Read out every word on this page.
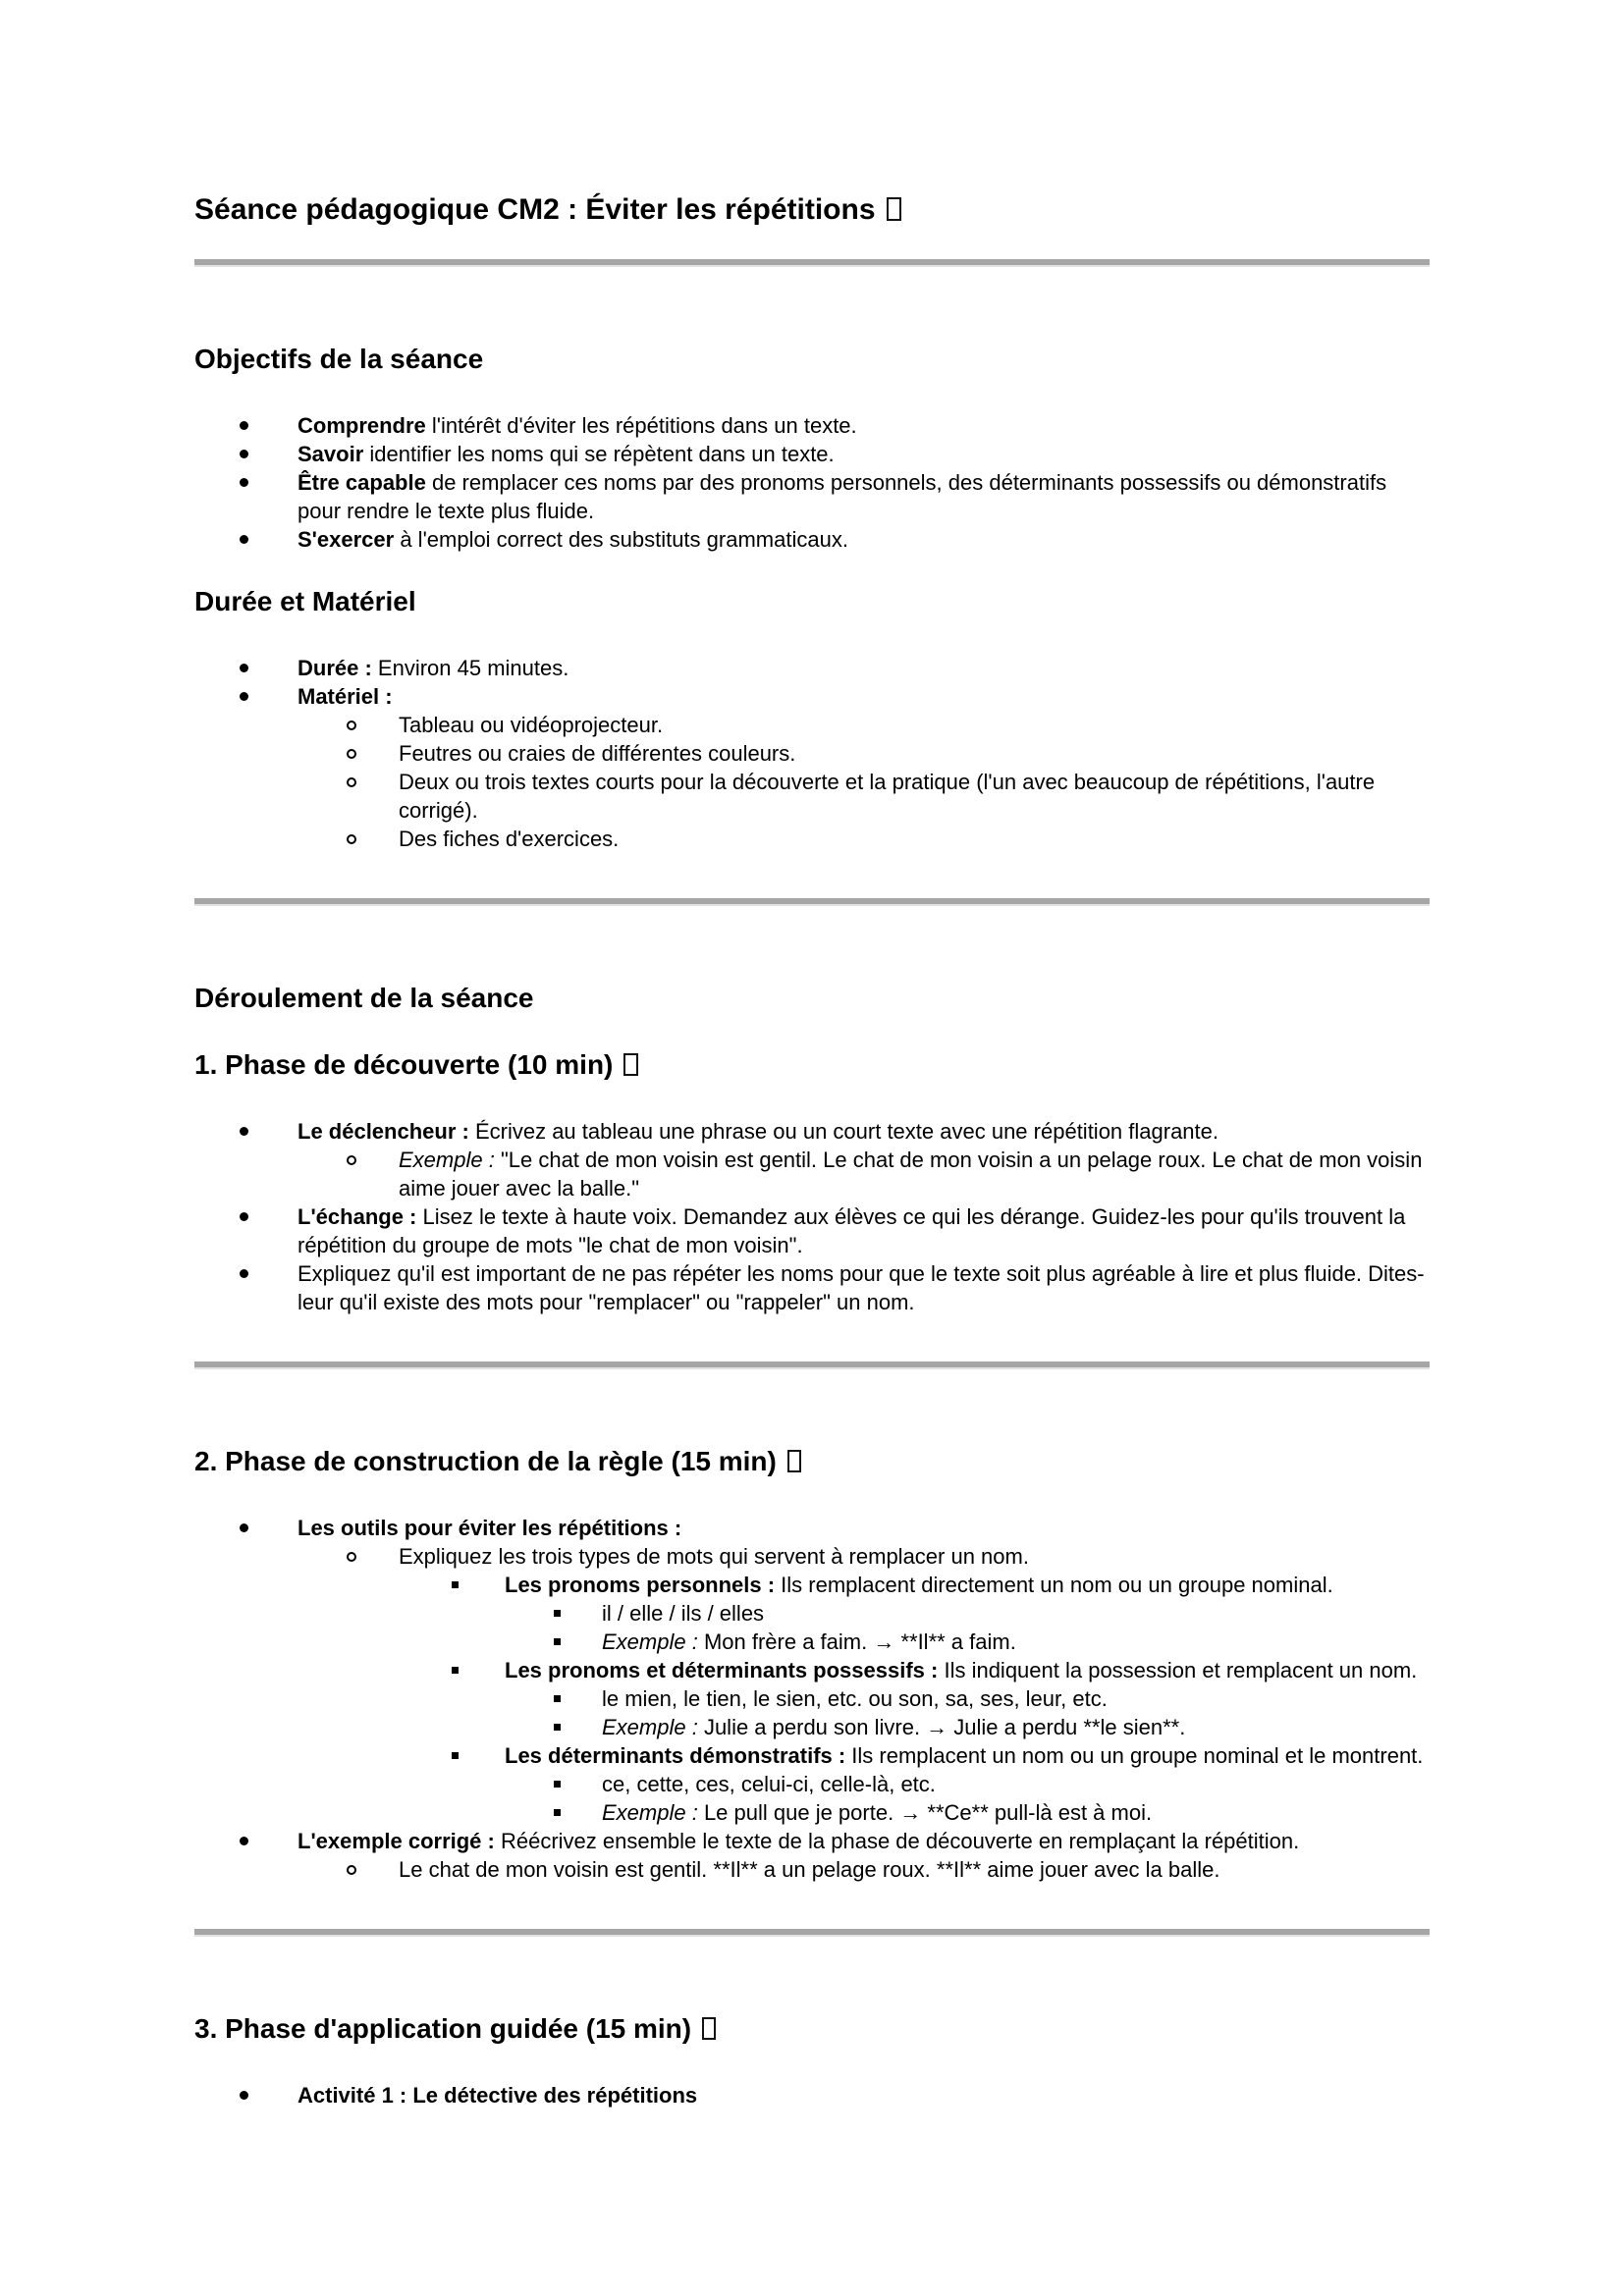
Séance pédagogique CM2 : Éviter les répétitions
Objectifs de la séance
Comprendre l'intérêt d'éviter les répétitions dans un texte.
Savoir identifier les noms qui se répètent dans un texte.
Être capable de remplacer ces noms par des pronoms personnels, des déterminants possessifs ou démonstratifs pour rendre le texte plus fluide.
S'exercer à l'emploi correct des substituts grammaticaux.
Durée et Matériel
Durée : Environ 45 minutes.
Matériel :
Tableau ou vidéoprojecteur.
Feutres ou craies de différentes couleurs.
Deux ou trois textes courts pour la découverte et la pratique (l'un avec beaucoup de répétitions, l'autre corrigé).
Des fiches d'exercices.
Déroulement de la séance
1. Phase de découverte (10 min)
Le déclencheur : Écrivez au tableau une phrase ou un court texte avec une répétition flagrante.
Exemple : "Le chat de mon voisin est gentil. Le chat de mon voisin a un pelage roux. Le chat de mon voisin aime jouer avec la balle."
L'échange : Lisez le texte à haute voix. Demandez aux élèves ce qui les dérange. Guidez-les pour qu'ils trouvent la répétition du groupe de mots "le chat de mon voisin".
Expliquez qu'il est important de ne pas répéter les noms pour que le texte soit plus agréable à lire et plus fluide. Dites-leur qu'il existe des mots pour "remplacer" ou "rappeler" un nom.
2. Phase de construction de la règle (15 min)
Les outils pour éviter les répétitions :
Expliquez les trois types de mots qui servent à remplacer un nom.
Les pronoms personnels : Ils remplacent directement un nom ou un groupe nominal.
il / elle / ils / elles
Exemple : Mon frère a faim. → **Il** a faim.
Les pronoms et déterminants possessifs : Ils indiquent la possession et remplacent un nom.
le mien, le tien, le sien, etc. ou son, sa, ses, leur, etc.
Exemple : Julie a perdu son livre. → Julie a perdu **le sien**.
Les déterminants démonstratifs : Ils remplacent un nom ou un groupe nominal et le montrent.
ce, cette, ces, celui-ci, celle-là, etc.
Exemple : Le pull que je porte. → **Ce** pull-là est à moi.
L'exemple corrigé : Réécrivez ensemble le texte de la phase de découverte en remplaçant la répétition.
Le chat de mon voisin est gentil. **Il** a un pelage roux. **Il** aime jouer avec la balle.
3. Phase d'application guidée (15 min)
Activité 1 : Le détective des répétitions
